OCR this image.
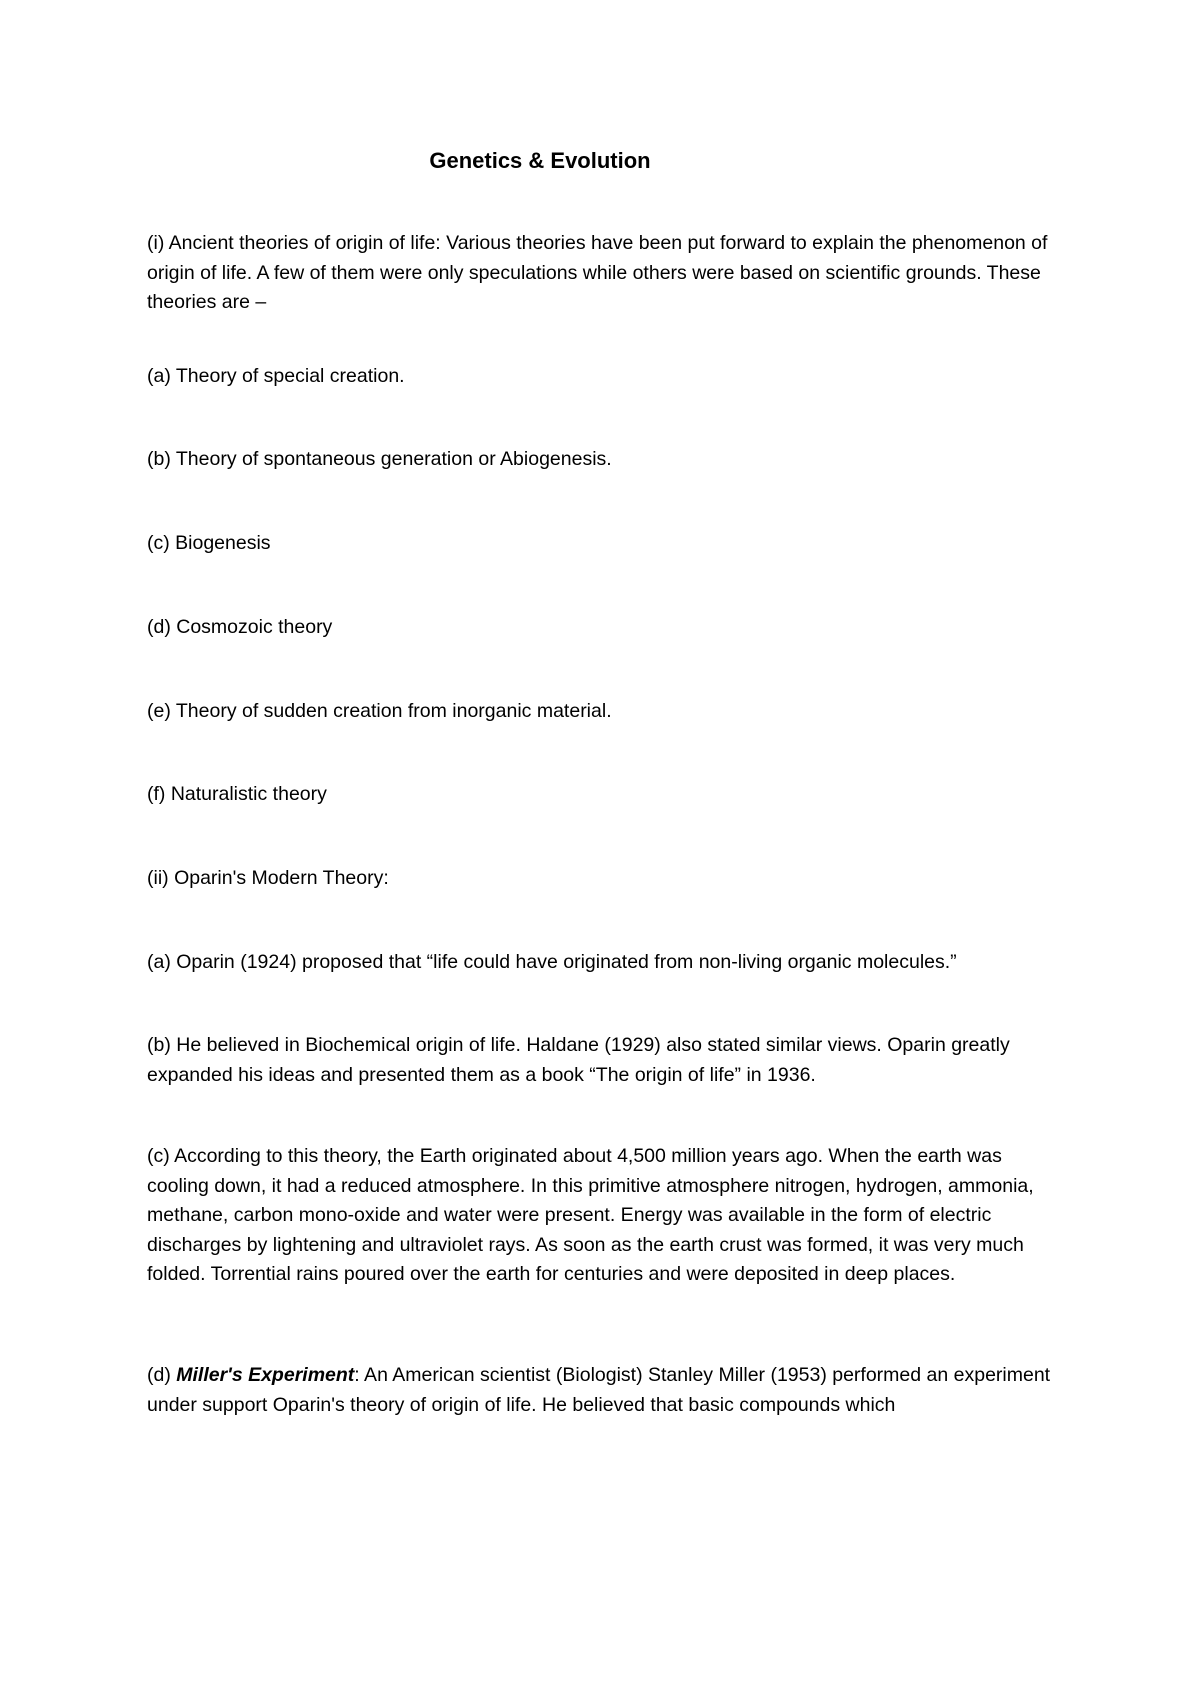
Genetics & Evolution
(i) Ancient theories of origin of life: Various theories have been put forward to explain the phenomenon of origin of life. A few of them were only speculations while others were based on scientific grounds. These theories are –
(a) Theory of special creation.
(b) Theory of spontaneous generation or Abiogenesis.
(c) Biogenesis
(d) Cosmozoic theory
(e) Theory of sudden creation from inorganic material.
(f) Naturalistic theory
(ii) Oparin's Modern Theory:
(a) Oparin (1924) proposed that “life could have originated from non-living organic molecules.”
(b) He believed in Biochemical origin of life. Haldane (1929) also stated similar views. Oparin greatly expanded his ideas and presented them as a book “The origin of life” in 1936.
(c) According to this theory, the Earth originated about 4,500 million years ago. When the earth was cooling down, it had a reduced atmosphere. In this primitive atmosphere nitrogen, hydrogen, ammonia, methane, carbon mono-oxide and water were present. Energy was available in the form of electric discharges by lightening and ultraviolet rays. As soon as the earth crust was formed, it was very much folded. Torrential rains poured over the earth for centuries and were deposited in deep places.
(d) Miller's Experiment: An American scientist (Biologist) Stanley Miller (1953) performed an experiment under support Oparin's theory of origin of life. He believed that basic compounds which
